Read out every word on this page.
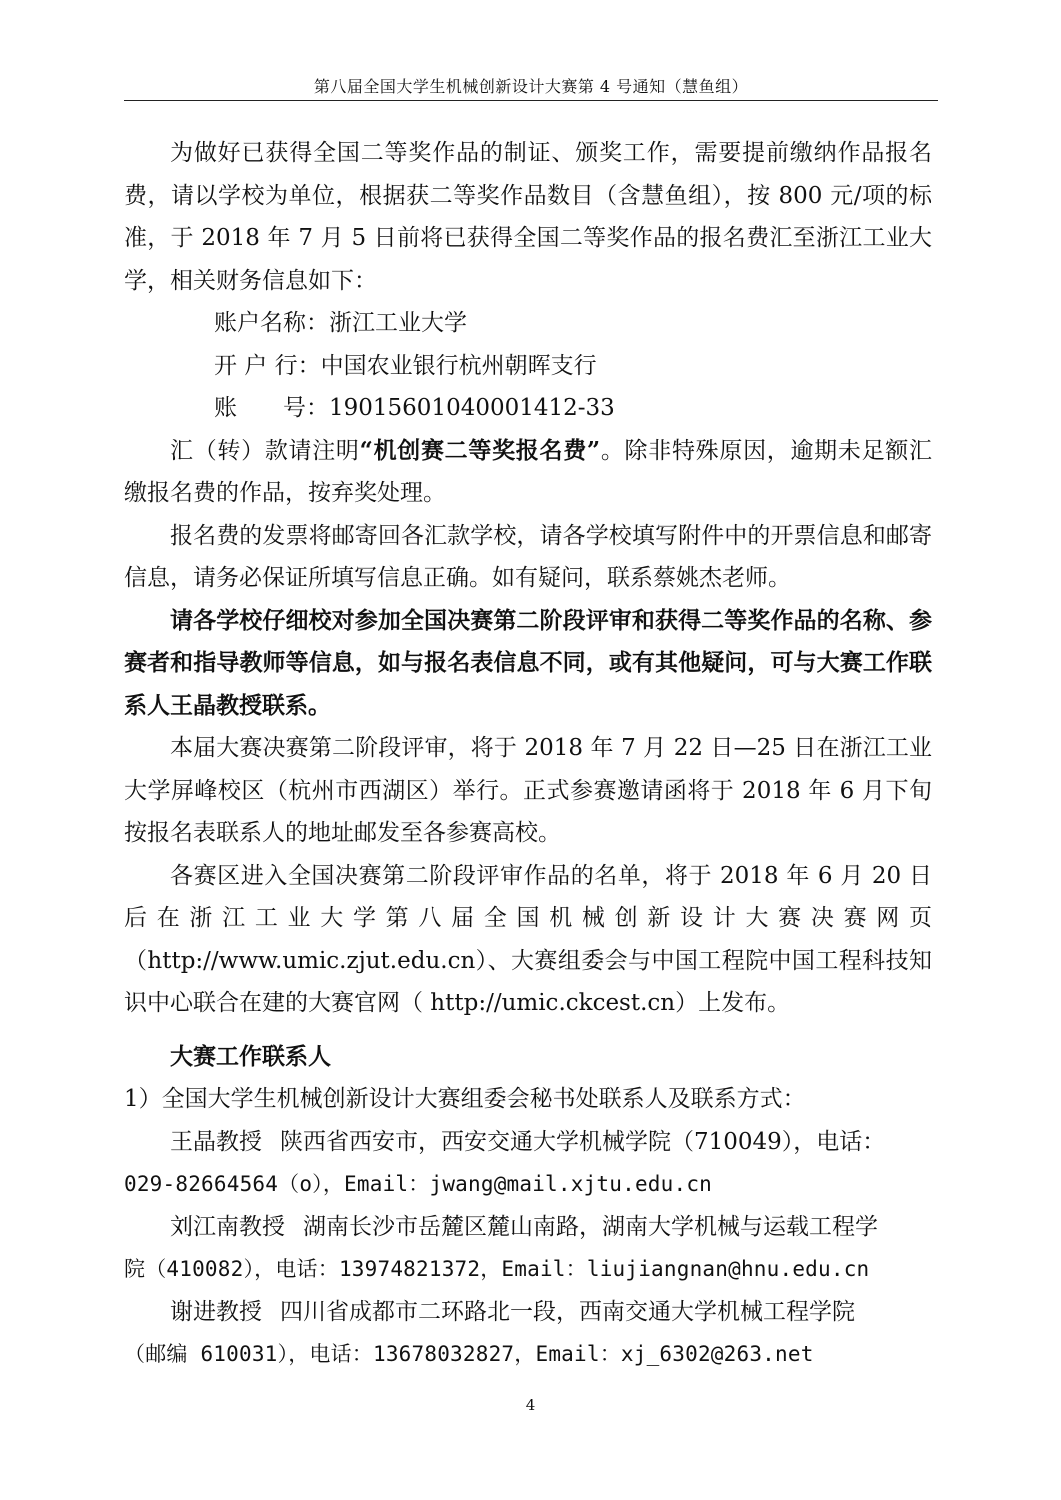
第八届全国大学生机械创新设计大赛第 4 号通知（慧鱼组）

为做好已获得全国二等奖作品的制证、颁奖工作，需要提前缴纳作品报名费，请以学校为单位，根据获二等奖作品数目（含慧鱼组），按 800 元/项的标准，于 2018 年 7 月 5 日前将已获得全国二等奖作品的报名费汇至浙江工业大学，相关财务信息如下：

账户名称：浙江工业大学

开 户 行：中国农业银行杭州朝晖支行

账 号：19015601040001412-33

汇（转）款请注明“机创赛二等奖报名费”。除非特殊原因，逾期未足额汇缴报名费的作品，按弃奖处理。

报名费的发票将邮寄回各汇款学校，请各学校填写附件中的开票信息和邮寄信息，请务必保证所填写信息正确。如有疑问，联系蔡姚杰老师。

请各学校仔细校对参加全国决赛第二阶段评审和获得二等奖作品的名称、参赛者和指导教师等信息，如与报名表信息不同，或有其他疑问，可与大赛工作联系人王晶教授联系。

本届大赛决赛第二阶段评审，将于 2018 年 7 月 22 日—25 日在浙江工业大学屏峰校区（杭州市西湖区）举行。正式参赛邀请函将于 2018 年 6 月下旬按报名表联系人的地址邮发至各参赛高校。

各赛区进入全国决赛第二阶段评审作品的名单，将于 2018 年 6 月 20 日后在浙江工业大学第八届全国机械创新设计大赛决赛网页（http://www.umic.zjut.edu.cn）、大赛组委会与中国工程院中国工程科技知识中心联合在建的大赛官网（ http://umic.ckcest.cn）上发布。

大赛工作联系人

1）全国大学生机械创新设计大赛组委会秘书处联系人及联系方式：

王晶教授 陕西省西安市，西安交通大学机械学院（710049），电话：

029-82664564（o），Email：jwang@mail.xjtu.edu.cn

刘江南教授 湖南长沙市岳麓区麓山南路，湖南大学机械与运载工程学

院（410082），电话：13974821372，Email：liujiangnan@hnu.edu.cn

谢进教授 四川省成都市二环路北一段，西南交通大学机械工程学院

（邮编 610031），电话：13678032827，Email：xj_6302@263.net

4
